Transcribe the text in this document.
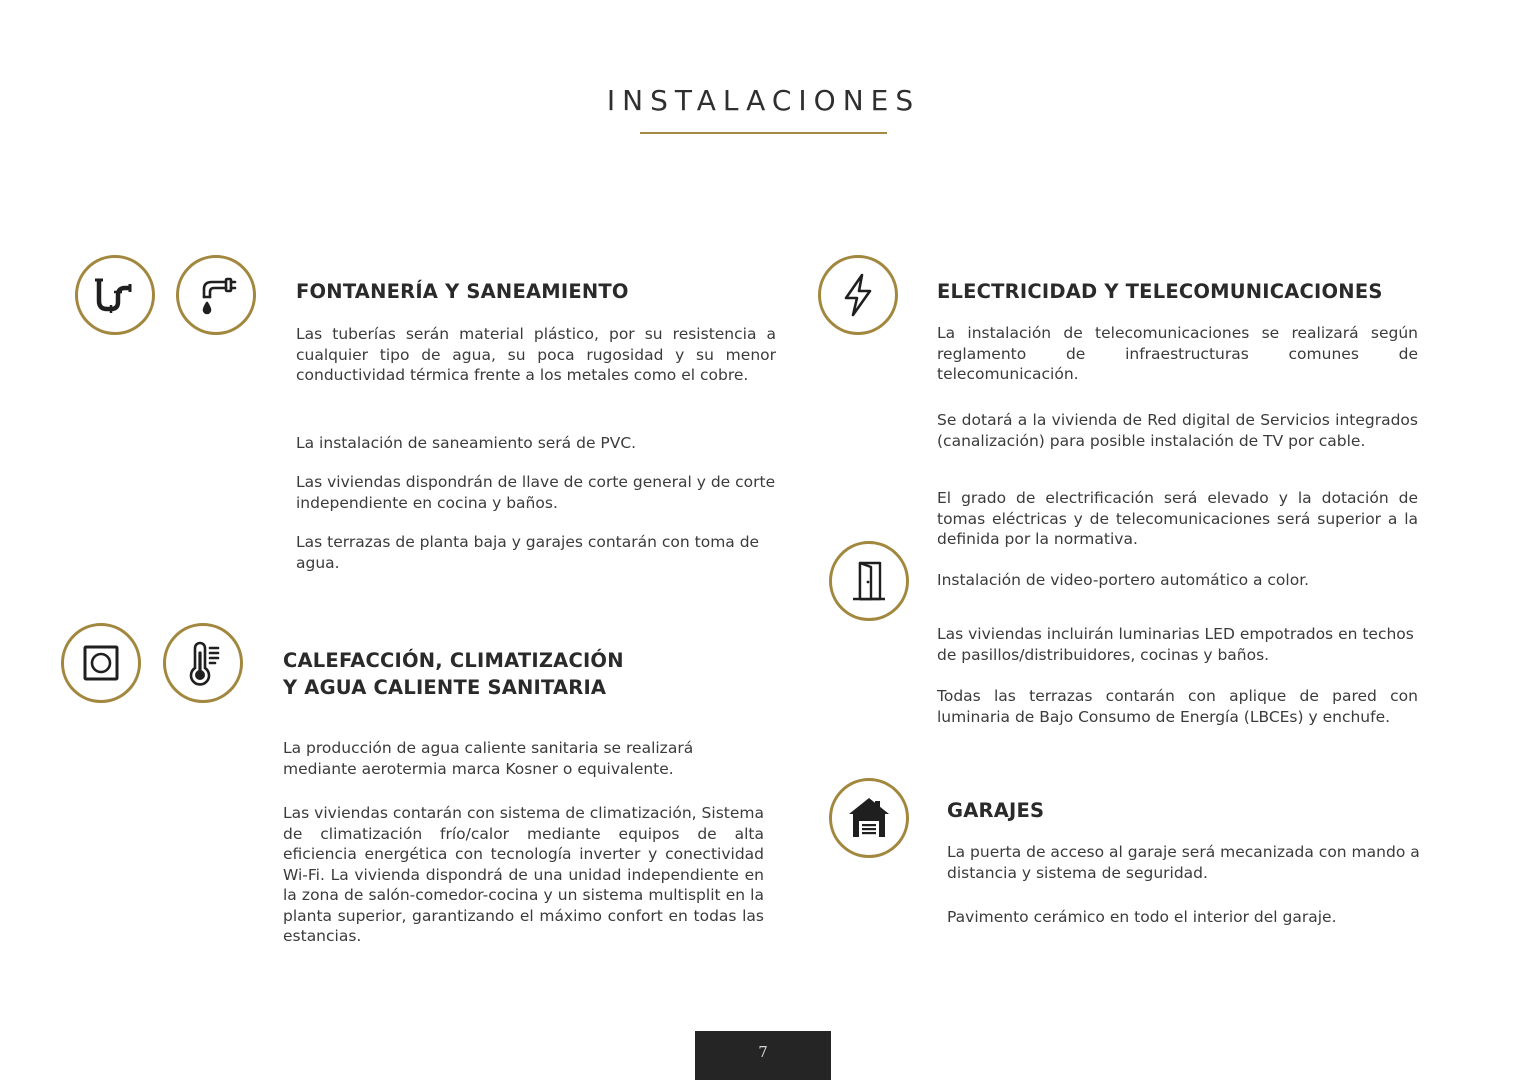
INSTALACIONES
FONTANERÍA Y SANEAMIENTO

Las tuberías serán material plástico, por su resistencia a cualquier tipo de agua, su poca rugosidad y su menor conductividad térmica frente a los metales como el cobre.

La instalación de saneamiento será de PVC.

Las viviendas dispondrán de llave de corte general y de corte independiente en cocina y baños.

Las terrazas de planta baja y garajes contarán con toma de agua.

CALEFACCIÓN, CLIMATIZACIÓN
Y AGUA CALIENTE SANITARIA

La producción de agua caliente sanitaria se realizará mediante aerotermia marca Kosner o equivalente.

Las viviendas contarán con sistema de climatización, Sistema de climatización frío/calor mediante equipos de alta eficiencia energética con tecnología inverter y conectividad Wi-Fi. La vivienda dispondrá de una unidad independiente en la zona de salón-comedor-cocina y un sistema multisplit en la planta superior, garantizando el máximo confort en todas las estancias.

ELECTRICIDAD Y TELECOMUNICACIONES

La instalación de telecomunicaciones se realizará según reglamento de infraestructuras comunes de telecomunicación.

Se dotará a la vivienda de Red digital de Servicios integrados (canalización) para posible instalación de TV por cable.

El grado de electrificación será elevado y la dotación de tomas eléctricas y de telecomunicaciones será superior a la definida por la normativa.

Instalación de video-portero automático a color.

Las viviendas incluirán luminarias LED empotrados en techos de pasillos/distribuidores, cocinas y baños.

Todas las terrazas contarán con aplique de pared con luminaria de Bajo Consumo de Energía (LBCEs) y enchufe.

GARAJES

La puerta de acceso al garaje será mecanizada con mando a distancia y sistema de seguridad.

Pavimento cerámico en todo el interior del garaje.

7
